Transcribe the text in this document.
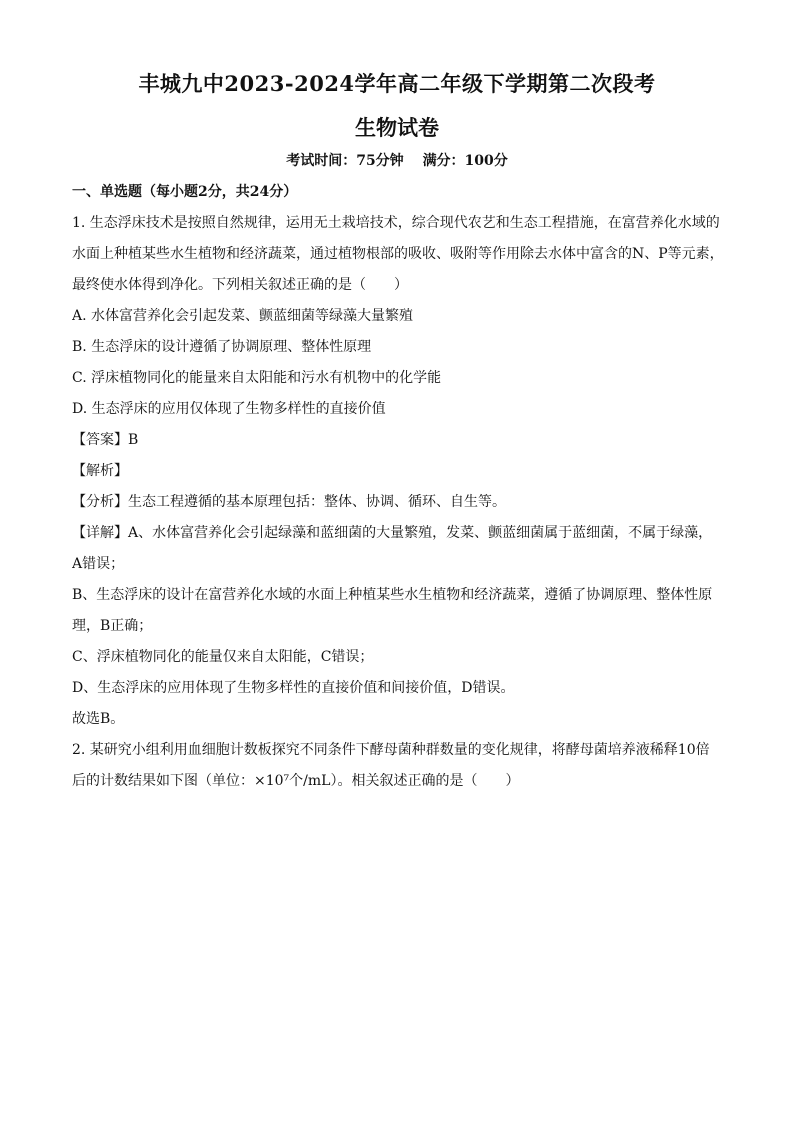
丰城九中2023-2024学年高二年级下学期第二次段考
生物试卷
考试时间：75分钟 满分：100分
一、单选题（每小题2分，共24分）
1. 生态浮床技术是按照自然规律，运用无土栽培技术，综合现代农艺和生态工程措施，在富营养化水域的
水面上种植某些水生植物和经济蔬菜，通过植物根部的吸收、吸附等作用除去水体中富含的N、P等元素，
最终使水体得到净化。下列相关叙述正确的是（　　）
A. 水体富营养化会引起发菜、颤蓝细菌等绿藻大量繁殖
B. 生态浮床的设计遵循了协调原理、整体性原理
C. 浮床植物同化的能量来自太阳能和污水有机物中的化学能
D. 生态浮床的应用仅体现了生物多样性的直接价值
【答案】B
【解析】
【分析】生态工程遵循的基本原理包括：整体、协调、循环、自生等。
【详解】A、水体富营养化会引起绿藻和蓝细菌的大量繁殖，发菜、颤蓝细菌属于蓝细菌，不属于绿藻，
A错误；
B、生态浮床的设计在富营养化水域的水面上种植某些水生植物和经济蔬菜，遵循了协调原理、整体性原
理，B正确；
C、浮床植物同化的能量仅来自太阳能，C错误；
D、生态浮床的应用体现了生物多样性的直接价值和间接价值，D错误。
故选B。
2. 某研究小组利用血细胞计数板探究不同条件下酵母菌种群数量的变化规律，将酵母菌培养液稀释10倍
后的计数结果如下图（单位：×10⁷个/mL）。相关叙述正确的是（　　）
